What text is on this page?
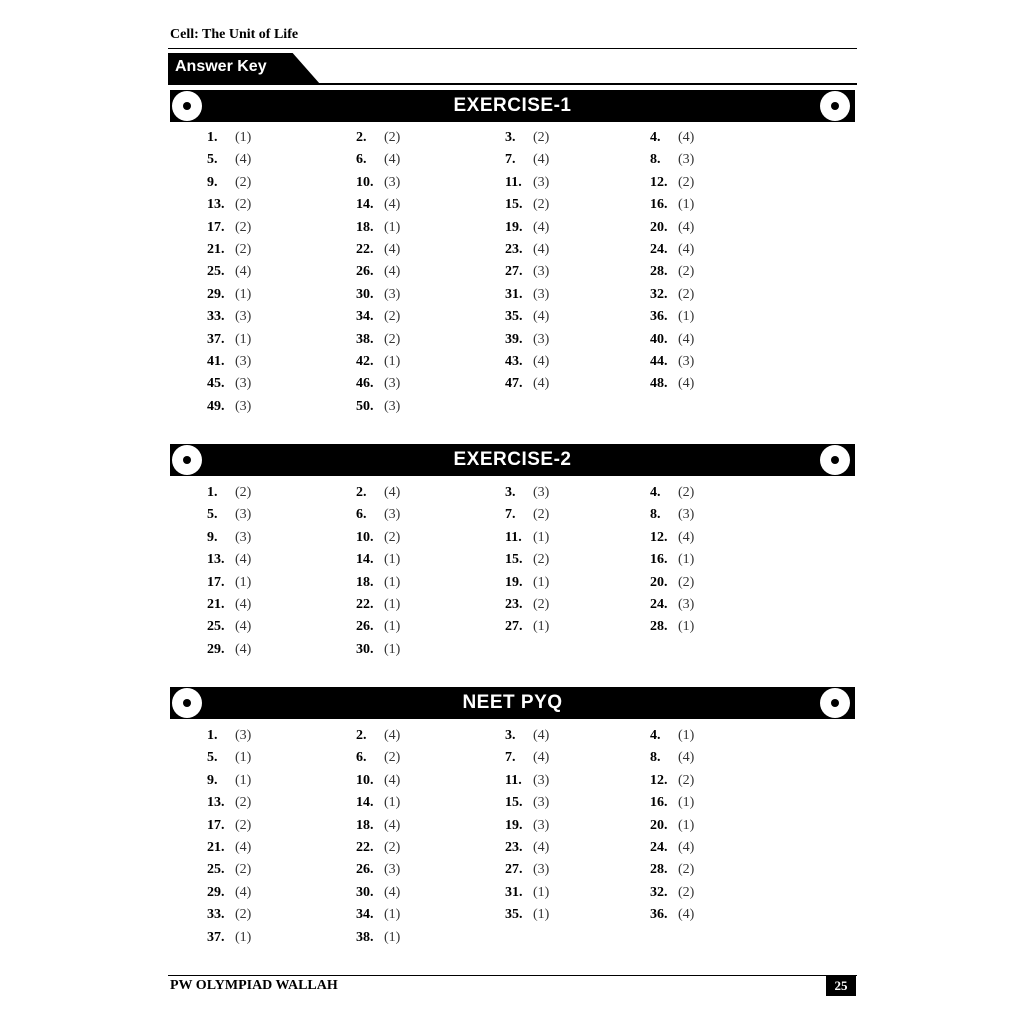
Cell: The Unit of Life
Answer Key
EXERCISE-1
1. (1)	2. (2)	3. (2)	4. (4)
5. (4)	6. (4)	7. (4)	8. (3)
9. (2)	10. (3)	11. (3)	12. (2)
13. (2)	14. (4)	15. (2)	16. (1)
17. (2)	18. (1)	19. (4)	20. (4)
21. (2)	22. (4)	23. (4)	24. (4)
25. (4)	26. (4)	27. (3)	28. (2)
29. (1)	30. (3)	31. (3)	32. (2)
33. (3)	34. (2)	35. (4)	36. (1)
37. (1)	38. (2)	39. (3)	40. (4)
41. (3)	42. (1)	43. (4)	44. (3)
45. (3)	46. (3)	47. (4)	48. (4)
49. (3)	50. (3)
EXERCISE-2
1. (2)	2. (4)	3. (3)	4. (2)
5. (3)	6. (3)	7. (2)	8. (3)
9. (3)	10. (2)	11. (1)	12. (4)
13. (4)	14. (1)	15. (2)	16. (1)
17. (1)	18. (1)	19. (1)	20. (2)
21. (4)	22. (1)	23. (2)	24. (3)
25. (4)	26. (1)	27. (1)	28. (1)
29. (4)	30. (1)
NEET PYQ
1. (3)	2. (4)	3. (4)	4. (1)
5. (1)	6. (2)	7. (4)	8. (4)
9. (1)	10. (4)	11. (3)	12. (2)
13. (2)	14. (1)	15. (3)	16. (1)
17. (2)	18. (4)	19. (3)	20. (1)
21. (4)	22. (2)	23. (4)	24. (4)
25. (2)	26. (3)	27. (3)	28. (2)
29. (4)	30. (4)	31. (1)	32. (2)
33. (2)	34. (1)	35. (1)	36. (4)
37. (1)	38. (1)
PW OLYMPIAD WALLAH	25
